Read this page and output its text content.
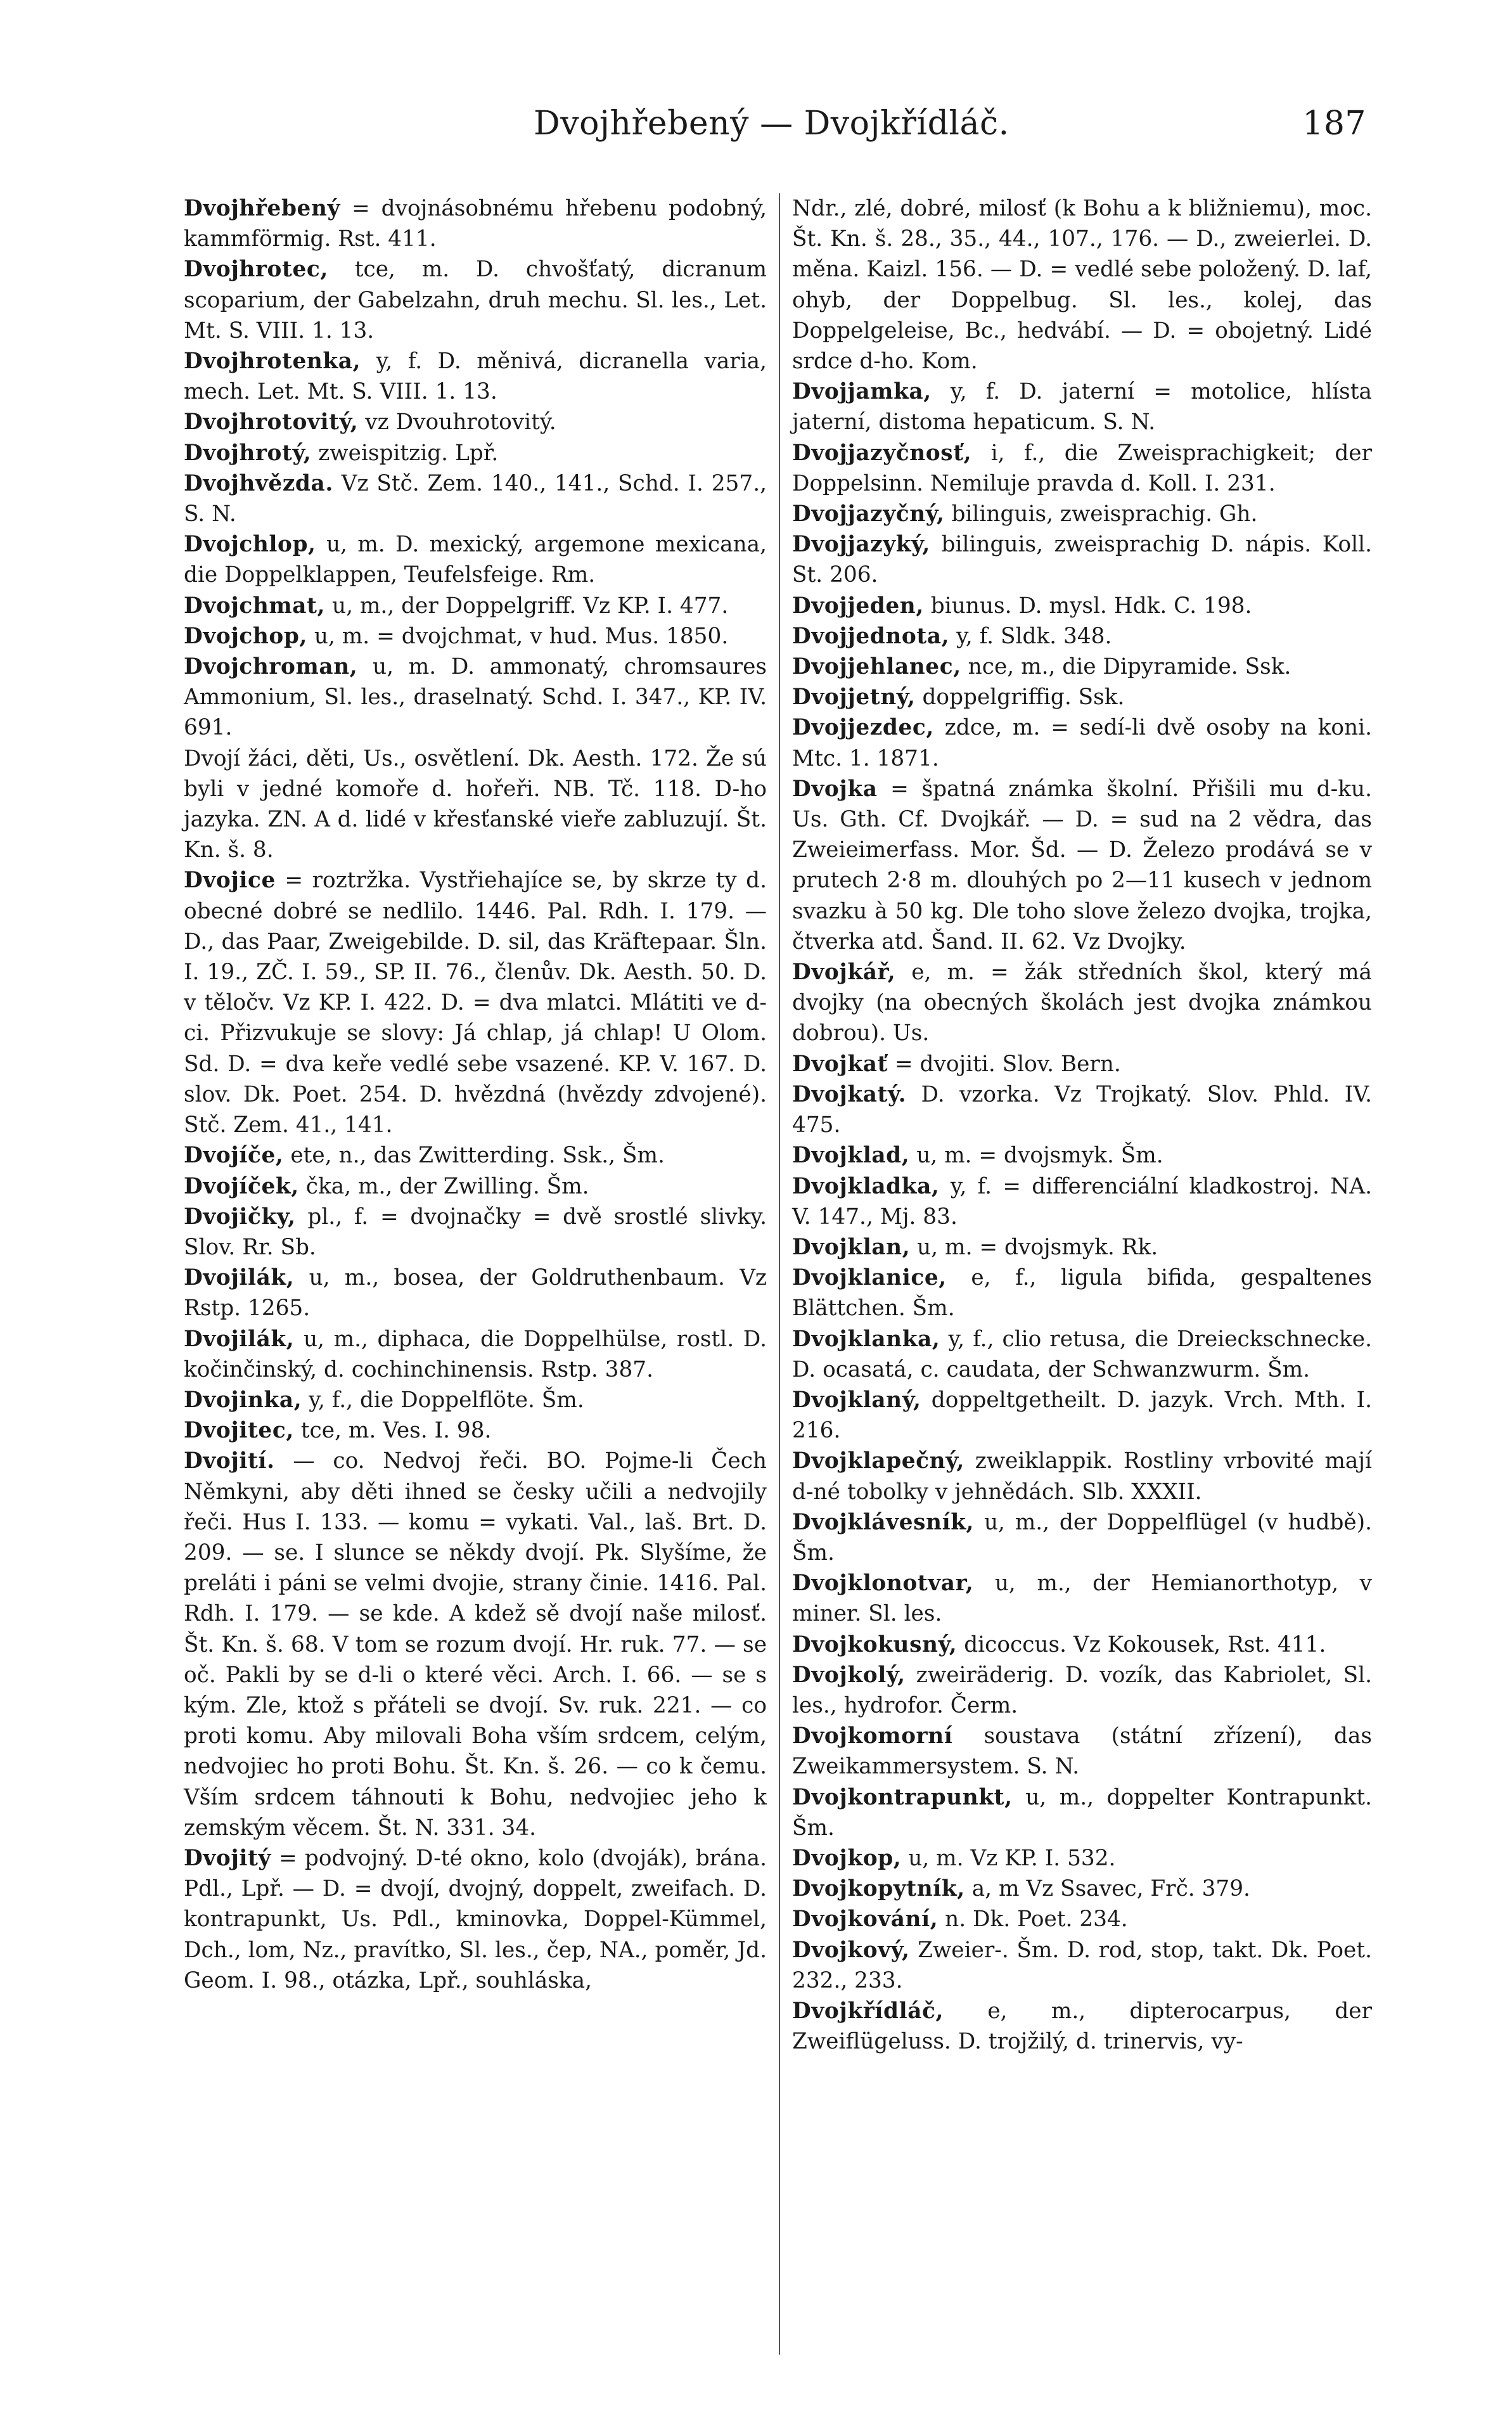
Dvojhřebený — Dvojkřídláč.	187

Dvojhřebený = dvojnásobnému hřebenu podobný, kammförmig. Rst. 411.

Dvojhrotec, tce, m. D. chvošťatý, dicranum scoparium, der Gabelzahn, druh mechu. Sl. les., Let. Mt. S. VIII. 1. 13.

Dvojhrotenka, y, f. D. měnivá, dicranella varia, mech. Let. Mt. S. VIII. 1. 13.

Dvojhrotovitý, vz Dvouhrotovitý.

Dvojhrotý, zweispitzig. Lpř.

Dvojhvězda. Vz Stč. Zem. 140., 141., Schd. I. 257., S. N.

Dvojchlop, u, m. D. mexický, argemone mexicana, die Doppelklappen, Teufelsfeige. Rm.

Dvojchmat, u, m., der Doppelgriff. Vz KP. I. 477.

Dvojchop, u, m. = dvojchmat, v hud. Mus. 1850.

Dvojchroman, u, m. D. ammonatý, chromsaures Ammonium, Sl. les., draselnatý. Schd. I. 347., KP. IV. 691.

Dvojí žáci, děti, Us., osvětlení. Dk. Aesth. 172. Že sú byli v jedné komoře d. hořeři. NB. Tč. 118. D-ho jazyka. ZN. A d. lidé v křesťanské vieře zabluzují. Št. Kn. š. 8.

Dvojice = roztržka. Vystřiehajíce se, by skrze ty d. obecné dobré se nedlilo. 1446. Pal. Rdh. I. 179. — D., das Paar, Zweigebilde. D. sil, das Kräftepaar. Šln. I. 19., ZČ. I. 59., SP. II. 76., členův. Dk. Aesth. 50. D. v těločv. Vz KP. I. 422. D. = dva mlatci. Mlátiti ve d-ci. Přizvukuje se slovy: Já chlap, já chlap! U Olom. Sd. D. = dva keře vedlé sebe vsazené. KP. V. 167. D. slov. Dk. Poet. 254. D. hvězdná (hvězdy zdvojené). Stč. Zem. 41., 141.

Dvojíče, ete, n., das Zwitterding. Ssk., Šm.

Dvojíček, čka, m., der Zwilling. Šm.

Dvojičky, pl., f. = dvojnačky = dvě srostlé slivky. Slov. Rr. Sb.

Dvojilák, u, m., bosea, der Goldruthenbaum. Vz Rstp. 1265.

Dvojilák, u, m., diphaca, die Doppelhülse, rostl. D. kočinčinský, d. cochinchinensis. Rstp. 387.

Dvojinka, y, f., die Doppelflöte. Šm.

Dvojitec, tce, m. Ves. I. 98.

Dvojití. — co. Nedvoj řeči. BO. Pojme-li Čech Němkyni, aby děti ihned se česky učili a nedvojily řeči. Hus I. 133. — komu = vykati. Val., laš. Brt. D. 209. — se. I slunce se někdy dvojí. Pk. Slyšíme, že preláti i páni se velmi dvojie, strany činie. 1416. Pal. Rdh. I. 179. — se kde. A kdež sě dvojí naše milosť. Št. Kn. š. 68. V tom se rozum dvojí. Hr. ruk. 77. — se oč. Pakli by se d-li o které věci. Arch. I. 66. — se s kým. Zle, ktož s přáteli se dvojí. Sv. ruk. 221. — co proti komu. Aby milovali Boha vším srdcem, celým, nedvojiec ho proti Bohu. Št. Kn. š. 26. — co k čemu. Vším srdcem táhnouti k Bohu, nedvojiec jeho k zemským věcem. Št. N. 331. 34.

Dvojitý = podvojný. D-té okno, kolo (dvoják), brána. Pdl., Lpř. — D. = dvojí, dvojný, doppelt, zweifach. D. kontrapunkt, Us. Pdl., kminovka, Doppel-Kümmel, Dch., lom, Nz., pravítko, Sl. les., čep, NA., poměr, Jd. Geom. I. 98., otázka, Lpř., souhláska,

Ndr., zlé, dobré, milosť (k Bohu a k bližniemu), moc. Št. Kn. š. 28., 35., 44., 107., 176. — D., zweierlei. D. měna. Kaizl. 156. — D. = vedlé sebe položený. D. laf, ohyb, der Doppelbug. Sl. les., kolej, das Doppelgeleise, Bc., hedvábí. — D. = obojetný. Lidé srdce d-ho. Kom.

Dvojjamka, y, f. D. jaterní = motolice, hlísta jaterní, distoma hepaticum. S. N.

Dvojjazyčnosť, i, f., die Zweisprachigkeit; der Doppelsinn. Nemiluje pravda d. Koll. I. 231.

Dvojjazyčný, bilinguis, zweisprachig. Gh.

Dvojjazyký, bilinguis, zweisprachig D. nápis. Koll. St. 206.

Dvojjeden, biunus. D. mysl. Hdk. C. 198.

Dvojjednota, y, f. Sldk. 348.

Dvojjehlanec, nce, m., die Dipyramide. Ssk.

Dvojjetný, doppelgriffig. Ssk.

Dvojjezdec, zdce, m. = sedí-li dvě osoby na koni. Mtc. 1. 1871.

Dvojka = špatná známka školní. Přišili mu d-ku. Us. Gth. Cf. Dvojkář. — D. = sud na 2 vědra, das Zweieimerfass. Mor. Šd. — D. Železo prodává se v prutech 2·8 m. dlouhých po 2—11 kusech v jednom svazku à 50 kg. Dle toho slove železo dvojka, trojka, čtverka atd. Šand. II. 62. Vz Dvojky.

Dvojkář, e, m. = žák středních škol, který má dvojky (na obecných školách jest dvojka známkou dobrou). Us.

Dvojkať = dvojiti. Slov. Bern.

Dvojkatý. D. vzorka. Vz Trojkatý. Slov. Phld. IV. 475.

Dvojklad, u, m. = dvojsmyk. Šm.

Dvojkladka, y, f. = differenciální kladkostroj. NA. V. 147., Mj. 83.

Dvojklan, u, m. = dvojsmyk. Rk.

Dvojklanice, e, f., ligula bifida, gespaltenes Blättchen. Šm.

Dvojklanka, y, f., clio retusa, die Dreieckschnecke. D. ocasatá, c. caudata, der Schwanzwurm. Šm.

Dvojklaný, doppeltgetheilt. D. jazyk. Vrch. Mth. I. 216.

Dvojklapečný, zweiklappik. Rostliny vrbovité mají d-né tobolky v jehnědách. Slb. XXXII.

Dvojklávesník, u, m., der Doppelflügel (v hudbě). Šm.

Dvojklonotvar, u, m., der Hemianorthotyp, v miner. Sl. les.

Dvojkokusný, dicoccus. Vz Kokousek, Rst. 411.

Dvojkolý, zweiräderig. D. vozík, das Kabriolet, Sl. les., hydrofor. Čerm.

Dvojkomorní soustava (státní zřízení), das Zweikammersystem. S. N.

Dvojkontrapunkt, u, m., doppelter Kontrapunkt. Šm.

Dvojkop, u, m. Vz KP. I. 532.

Dvojkopytník, a, m Vz Ssavec, Frč. 379.

Dvojkování, n. Dk. Poet. 234.

Dvojkový, Zweier-. Šm. D. rod, stop, takt. Dk. Poet. 232., 233.

Dvojkřídláč, e, m., dipterocarpus, der Zweiflügeluss. D. trojžilý, d. trinervis, vy-
